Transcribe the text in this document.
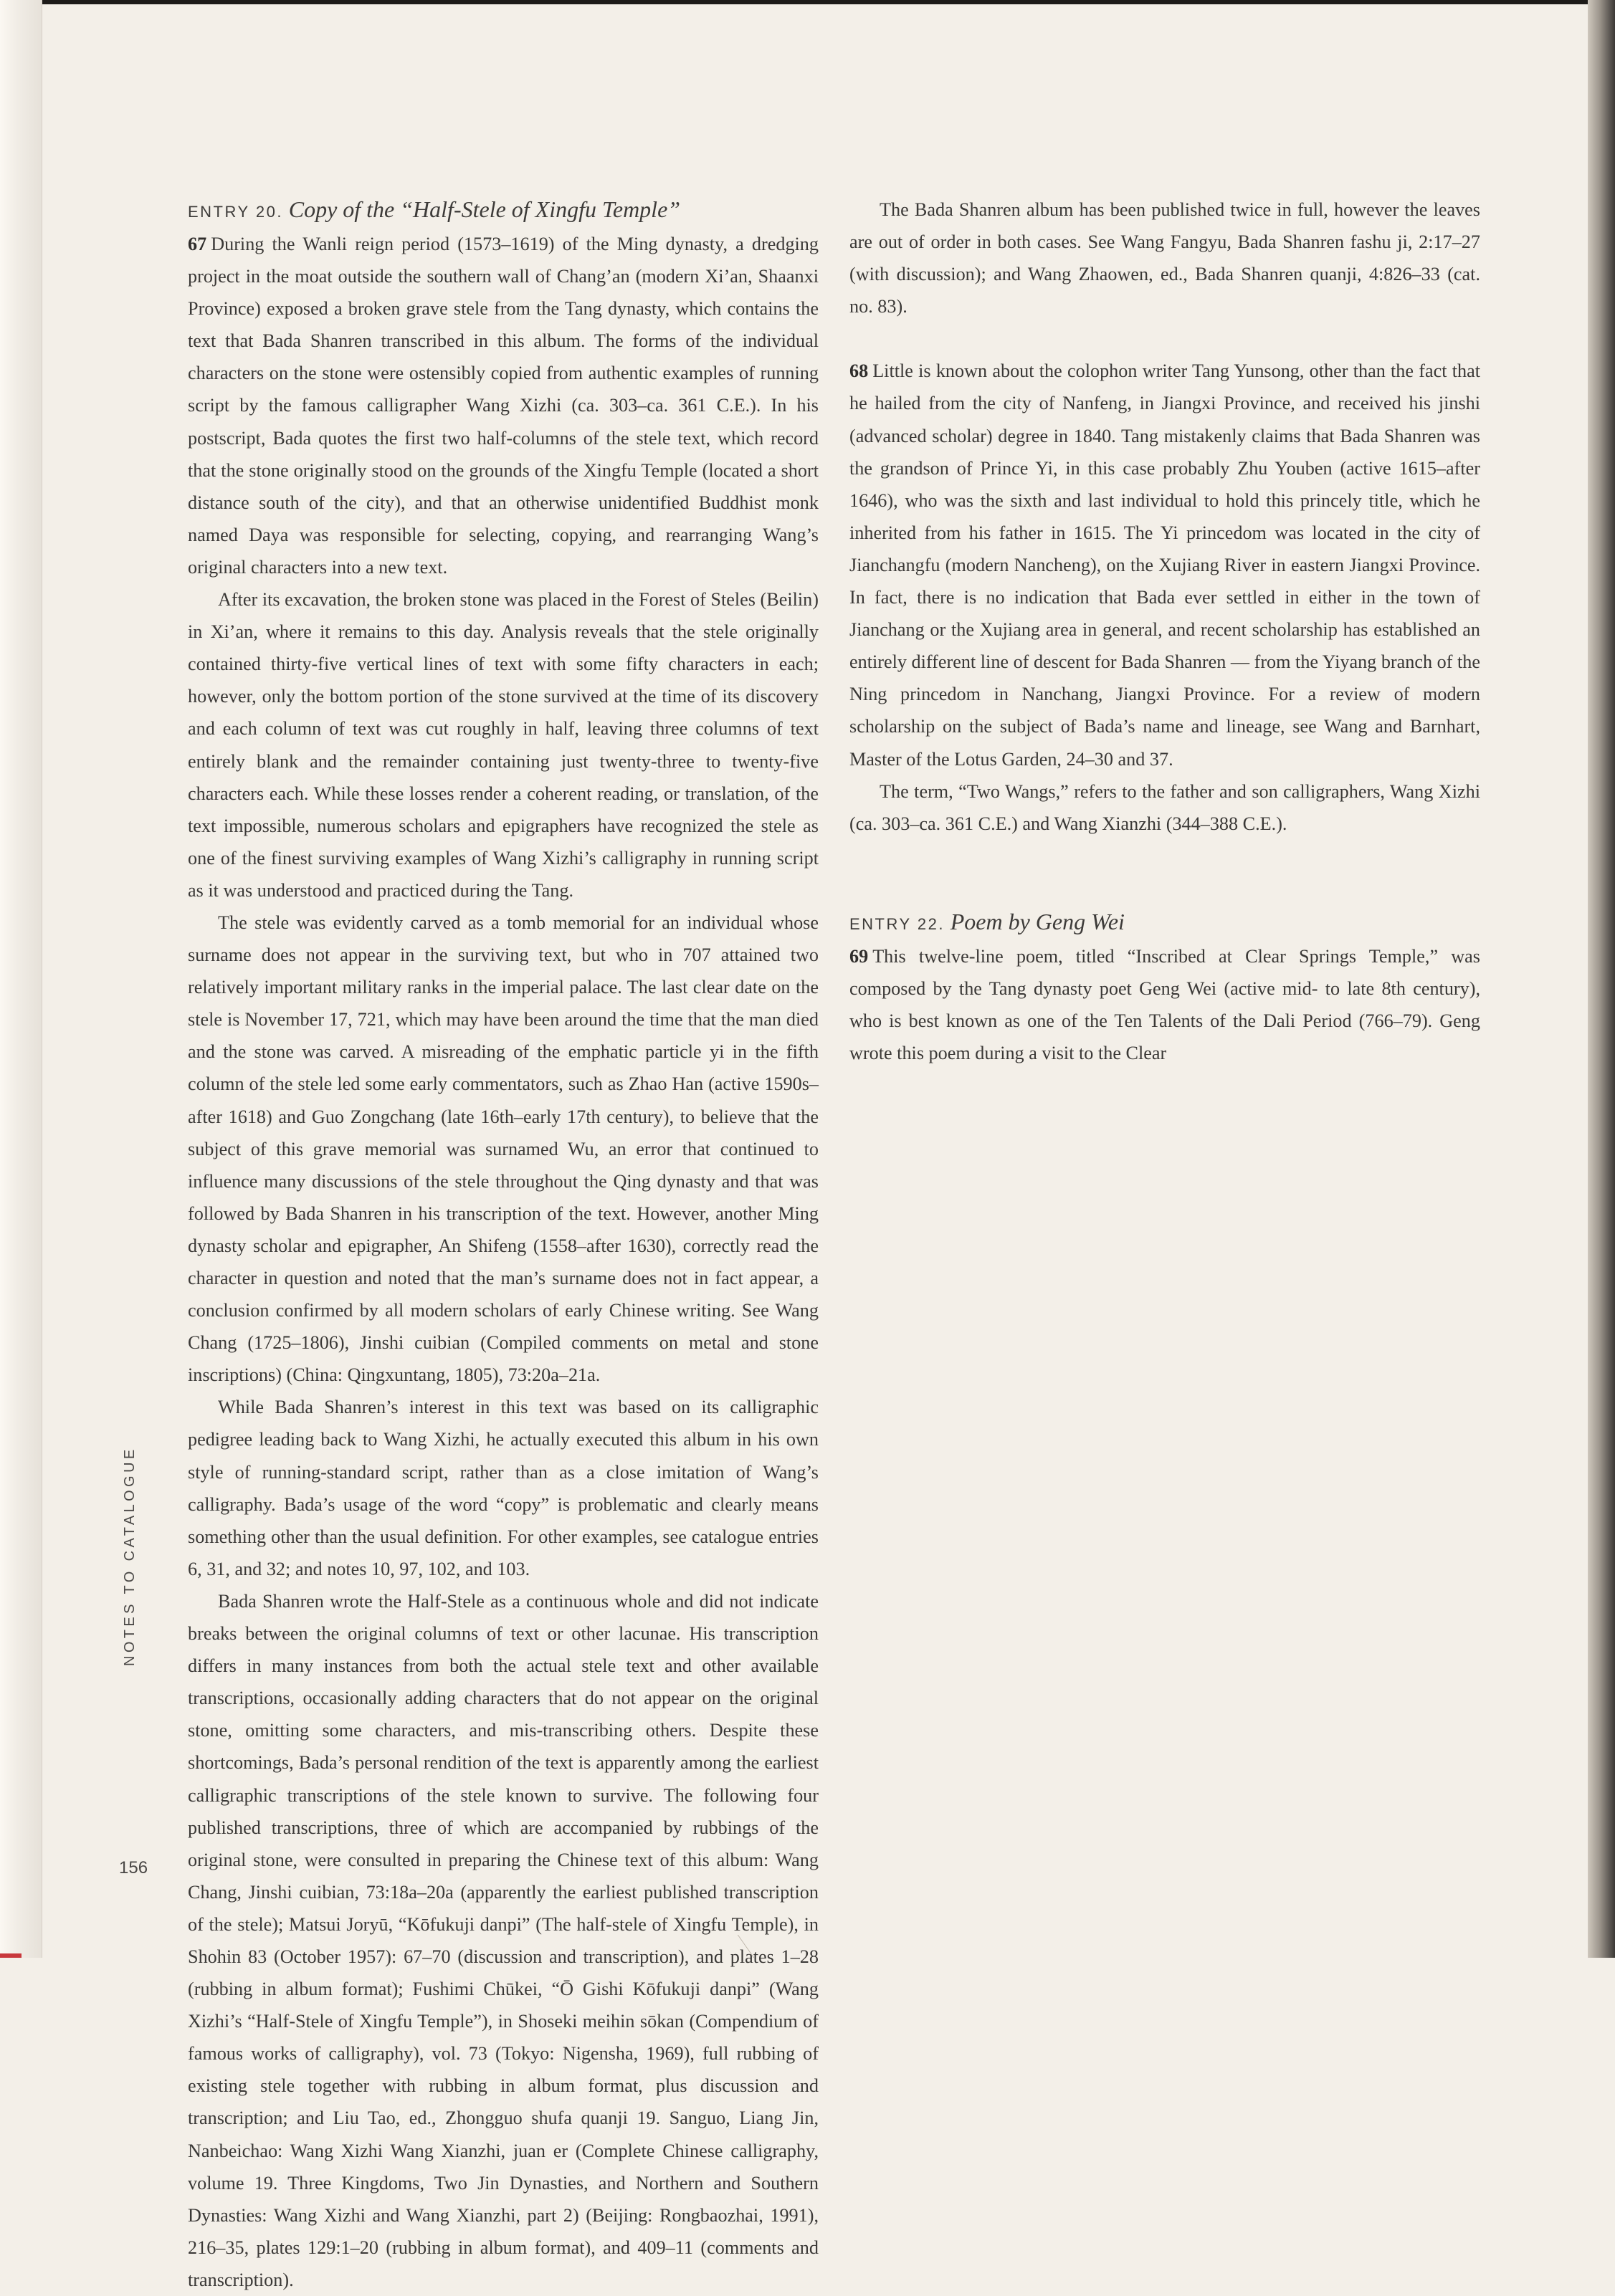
ENTRY 20. Copy of the “Half-Stele of Xingfu Temple”

67 During the Wanli reign period (1573–1619) of the Ming dynasty, a dredging project in the moat outside the southern wall of Chang’an (modern Xi’an, Shaanxi Province) exposed a broken grave stele from the Tang dynasty, which contains the text that Bada Shanren transcribed in this album. The forms of the individual characters on the stone were ostensibly copied from authentic examples of running script by the famous calligrapher Wang Xizhi (ca. 303–ca. 361 C.E.). In his postscript, Bada quotes the first two half-columns of the stele text, which record that the stone originally stood on the grounds of the Xingfu Temple (located a short distance south of the city), and that an otherwise unidentified Buddhist monk named Daya was responsible for selecting, copying, and rearranging Wang’s original characters into a new text.

After its excavation, the broken stone was placed in the Forest of Steles (Beilin) in Xi’an, where it remains to this day. Analysis reveals that the stele originally contained thirty-five vertical lines of text with some fifty characters in each; however, only the bottom portion of the stone survived at the time of its discovery and each column of text was cut roughly in half, leaving three columns of text entirely blank and the remainder containing just twenty-three to twenty-five characters each. While these losses render a coherent reading, or translation, of the text impossible, numerous scholars and epigraphers have recognized the stele as one of the finest surviving examples of Wang Xizhi’s calligraphy in running script as it was understood and practiced during the Tang.

The stele was evidently carved as a tomb memorial for an individual whose surname does not appear in the surviving text, but who in 707 attained two relatively important military ranks in the imperial palace. The last clear date on the stele is November 17, 721, which may have been around the time that the man died and the stone was carved. A misreading of the emphatic particle yi in the fifth column of the stele led some early commentators, such as Zhao Han (active 1590s–after 1618) and Guo Zongchang (late 16th–early 17th century), to believe that the subject of this grave memorial was surnamed Wu, an error that continued to influence many discussions of the stele throughout the Qing dynasty and that was followed by Bada Shanren in his transcription of the text. However, another Ming dynasty scholar and epigrapher, An Shifeng (1558–after 1630), correctly read the character in question and noted that the man’s surname does not in fact appear, a conclusion confirmed by all modern scholars of early Chinese writing. See Wang Chang (1725–1806), Jinshi cuibian (Compiled comments on metal and stone inscriptions) (China: Qingxuntang, 1805), 73:20a–21a.

While Bada Shanren’s interest in this text was based on its calligraphic pedigree leading back to Wang Xizhi, he actually executed this album in his own style of running-standard script, rather than as a close imitation of Wang’s calligraphy. Bada’s usage of the word “copy” is problematic and clearly means something other than the usual definition. For other examples, see catalogue entries 6, 31, and 32; and notes 10, 97, 102, and 103.

Bada Shanren wrote the Half-Stele as a continuous whole and did not indicate breaks between the original columns of text or other lacunae. His transcription differs in many instances from both the actual stele text and other available transcriptions, occasionally adding characters that do not appear on the original stone, omitting some characters, and mis-transcribing others. Despite these shortcomings, Bada’s personal rendition of the text is apparently among the earliest calligraphic transcriptions of the stele known to survive. The following four published transcriptions, three of which are accompanied by rubbings of the original stone, were consulted in preparing the Chinese text of this album: Wang Chang, Jinshi cuibian, 73:18a–20a (apparently the earliest published transcription of the stele); Matsui Joryū, “Kōfukuji danpi” (The half-stele of Xingfu Temple), in Shohin 83 (October 1957): 67–70 (discussion and transcription), and plates 1–28 (rubbing in album format); Fushimi Chūkei, “Ō Gishi Kōfukuji danpi” (Wang Xizhi’s “Half-Stele of Xingfu Temple”), in Shoseki meihin sōkan (Compendium of famous works of calligraphy), vol. 73 (Tokyo: Nigensha, 1969), full rubbing of existing stele together with rubbing in album format, plus discussion and transcription; and Liu Tao, ed., Zhongguo shufa quanji 19. Sanguo, Liang Jin, Nanbeichao: Wang Xizhi Wang Xianzhi, juan er (Complete Chinese calligraphy, volume 19. Three Kingdoms, Two Jin Dynasties, and Northern and Southern Dynasties: Wang Xizhi and Wang Xianzhi, part 2) (Beijing: Rongbaozhai, 1991), 216–35, plates 129:1–20 (rubbing in album format), and 409–11 (comments and transcription).

The Bada Shanren album has been published twice in full, however the leaves are out of order in both cases. See Wang Fangyu, Bada Shanren fashu ji, 2:17–27 (with discussion); and Wang Zhaowen, ed., Bada Shanren quanji, 4:826–33 (cat. no. 83).

68 Little is known about the colophon writer Tang Yunsong, other than the fact that he hailed from the city of Nanfeng, in Jiangxi Province, and received his jinshi (advanced scholar) degree in 1840. Tang mistakenly claims that Bada Shanren was the grandson of Prince Yi, in this case probably Zhu Youben (active 1615–after 1646), who was the sixth and last individual to hold this princely title, which he inherited from his father in 1615. The Yi princedom was located in the city of Jianchangfu (modern Nancheng), on the Xujiang River in eastern Jiangxi Province. In fact, there is no indication that Bada ever settled in either in the town of Jianchang or the Xujiang area in general, and recent scholarship has established an entirely different line of descent for Bada Shanren — from the Yiyang branch of the Ning princedom in Nanchang, Jiangxi Province. For a review of modern scholarship on the subject of Bada’s name and lineage, see Wang and Barnhart, Master of the Lotus Garden, 24–30 and 37.

The term, “Two Wangs,” refers to the father and son calligraphers, Wang Xizhi (ca. 303–ca. 361 C.E.) and Wang Xianzhi (344–388 C.E.).

ENTRY 22. Poem by Geng Wei

69 This twelve-line poem, titled “Inscribed at Clear Springs Temple,” was composed by the Tang dynasty poet Geng Wei (active mid- to late 8th century), who is best known as one of the Ten Talents of the Dali Period (766–79). Geng wrote this poem during a visit to the Clear

NOTES TO CATALOGUE
156
